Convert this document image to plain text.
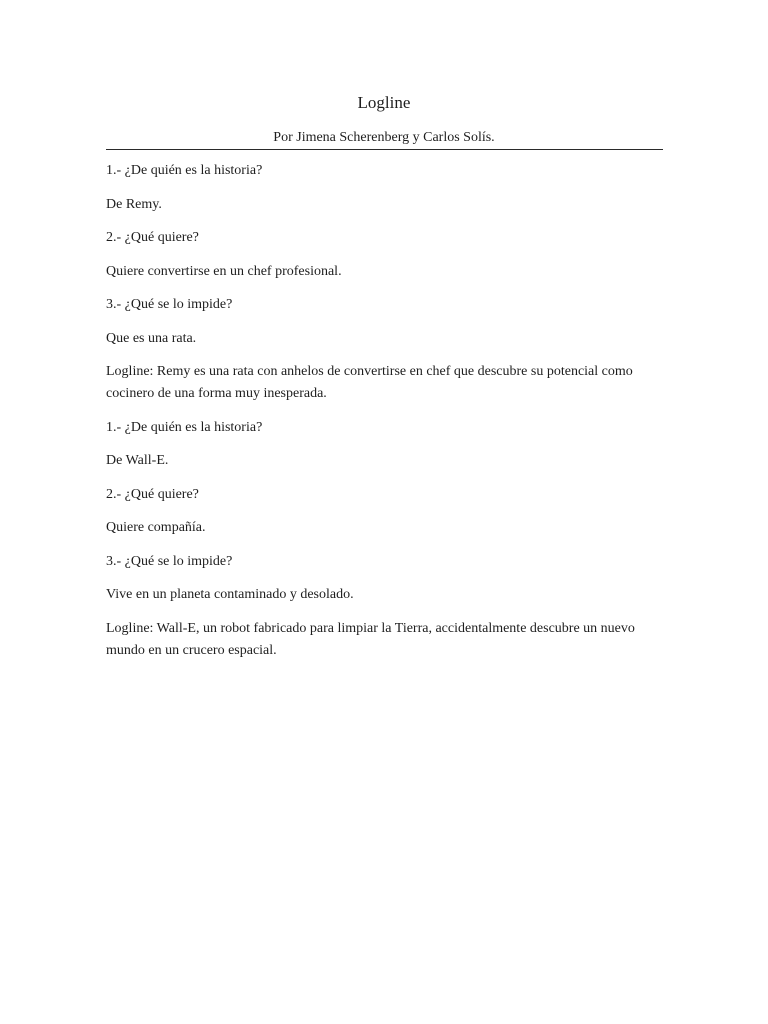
Logline
Por Jimena Scherenberg y Carlos Solís.

1.- ¿De quién es la historia?

De Remy.

2.- ¿Qué quiere?

Quiere convertirse en un chef profesional.

3.- ¿Qué se lo impide?

Que es una rata.

Logline: Remy es una rata con anhelos de convertirse en chef que descubre su potencial como
cocinero de una forma muy inesperada.

1.- ¿De quién es la historia?

De Wall-E.

2.- ¿Qué quiere?

Quiere compañía.

3.- ¿Qué se lo impide?

Vive en un planeta contaminado y desolado.

Logline: Wall-E, un robot fabricado para limpiar la Tierra, accidentalmente descubre un nuevo
mundo en un crucero espacial.
